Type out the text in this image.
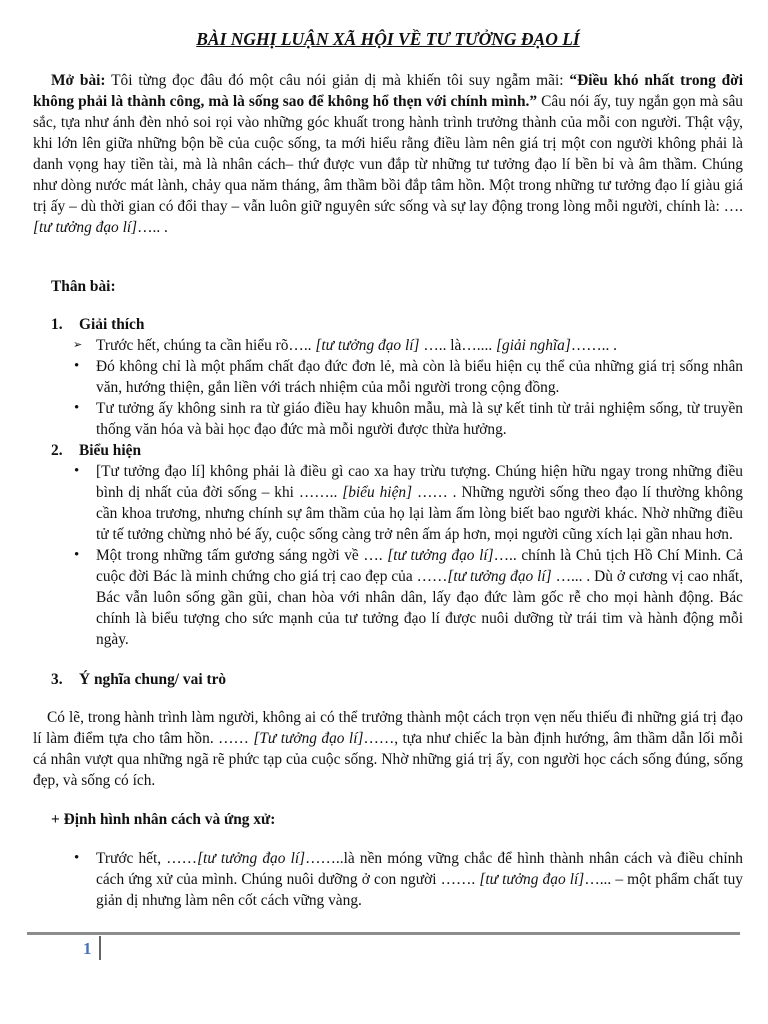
BÀI NGHỊ LUẬN XÃ HỘI VỀ TƯ TƯỞNG ĐẠO LÍ

Mở bài: Tôi từng đọc đâu đó một câu nói giản dị mà khiến tôi suy ngẫm mãi: “Điều khó nhất trong đời không phải là thành công, mà là sống sao để không hổ thẹn với chính mình.” Câu nói ấy, tuy ngắn gọn mà sâu sắc, tựa như ánh đèn nhỏ soi rọi vào những góc khuất trong hành trình trưởng thành của mỗi con người. Thật vậy, khi lớn lên giữa những bộn bề của cuộc sống, ta mới hiểu rằng điều làm nên giá trị một con người không phải là danh vọng hay tiền tài, mà là nhân cách– thứ được vun đắp từ những tư tưởng đạo lí bền bỉ và âm thầm. Chúng như dòng nước mát lành, chảy qua năm tháng, âm thầm bồi đắp tâm hồn. Một trong những tư tưởng đạo lí giàu giá trị ấy – dù thời gian có đổi thay – vẫn luôn giữ nguyên sức sống và sự lay động trong lòng mỗi người, chính là: …. [tư tưởng đạo lí]….. .

Thân bài:
1. Giải thích
➢ Trước hết, chúng ta cần hiểu rõ….. [tư tưởng đạo lí] ….. là….... [giải nghĩa]…….. .
• Đó không chỉ là một phẩm chất đạo đức đơn lẻ, mà còn là biểu hiện cụ thể của những giá trị sống nhân văn, hướng thiện, gắn liền với trách nhiệm của mỗi người trong cộng đồng.
• Tư tưởng ấy không sinh ra từ giáo điều hay khuôn mẫu, mà là sự kết tinh từ trải nghiệm sống, từ truyền thống văn hóa và bài học đạo đức mà mỗi người được thừa hưởng.
2. Biểu hiện
• [Tư tưởng đạo lí] không phải là điều gì cao xa hay trừu tượng. Chúng hiện hữu ngay trong những điều bình dị nhất của đời sống – khi …….. [biểu hiện] …… . Những người sống theo đạo lí thường không cần khoa trương, nhưng chính sự âm thầm của họ lại làm ấm lòng biết bao người khác. Nhờ những điều tử tế tưởng chừng nhỏ bé ấy, cuộc sống càng trở nên ấm áp hơn, mọi người cũng xích lại gần nhau hơn.
• Một trong những tấm gương sáng ngời về …. [tư tưởng đạo lí]….. chính là Chủ tịch Hồ Chí Minh. Cả cuộc đời Bác là minh chứng cho giá trị cao đẹp của ……[tư tưởng đạo lí] …... . Dù ở cương vị cao nhất, Bác vẫn luôn sống gần gũi, chan hòa với nhân dân, lấy đạo đức làm gốc rễ cho mọi hành động. Bác chính là biểu tượng cho sức mạnh của tư tưởng đạo lí được nuôi dưỡng từ trái tim và hành động mỗi ngày.
3. Ý nghĩa chung/ vai trò

Có lẽ, trong hành trình làm người, không ai có thể trưởng thành một cách trọn vẹn nếu thiếu đi những giá trị đạo lí làm điểm tựa cho tâm hồn. …… [Tư tưởng đạo lí]……, tựa như chiếc la bàn định hướng, âm thầm dẫn lối mỗi cá nhân vượt qua những ngã rẽ phức tạp của cuộc sống. Nhờ những giá trị ấy, con người học cách sống đúng, sống đẹp, và sống có ích.

+ Định hình nhân cách và ứng xử:
• Trước hết, ……[tư tưởng đạo lí]……..là nền móng vững chắc để hình thành nhân cách và điều chỉnh cách ứng xử của mình. Chúng nuôi dưỡng ở con người ……. [tư tưởng đạo lí]…... – một phẩm chất tuy giản dị nhưng làm nên cốt cách vững vàng.
1
